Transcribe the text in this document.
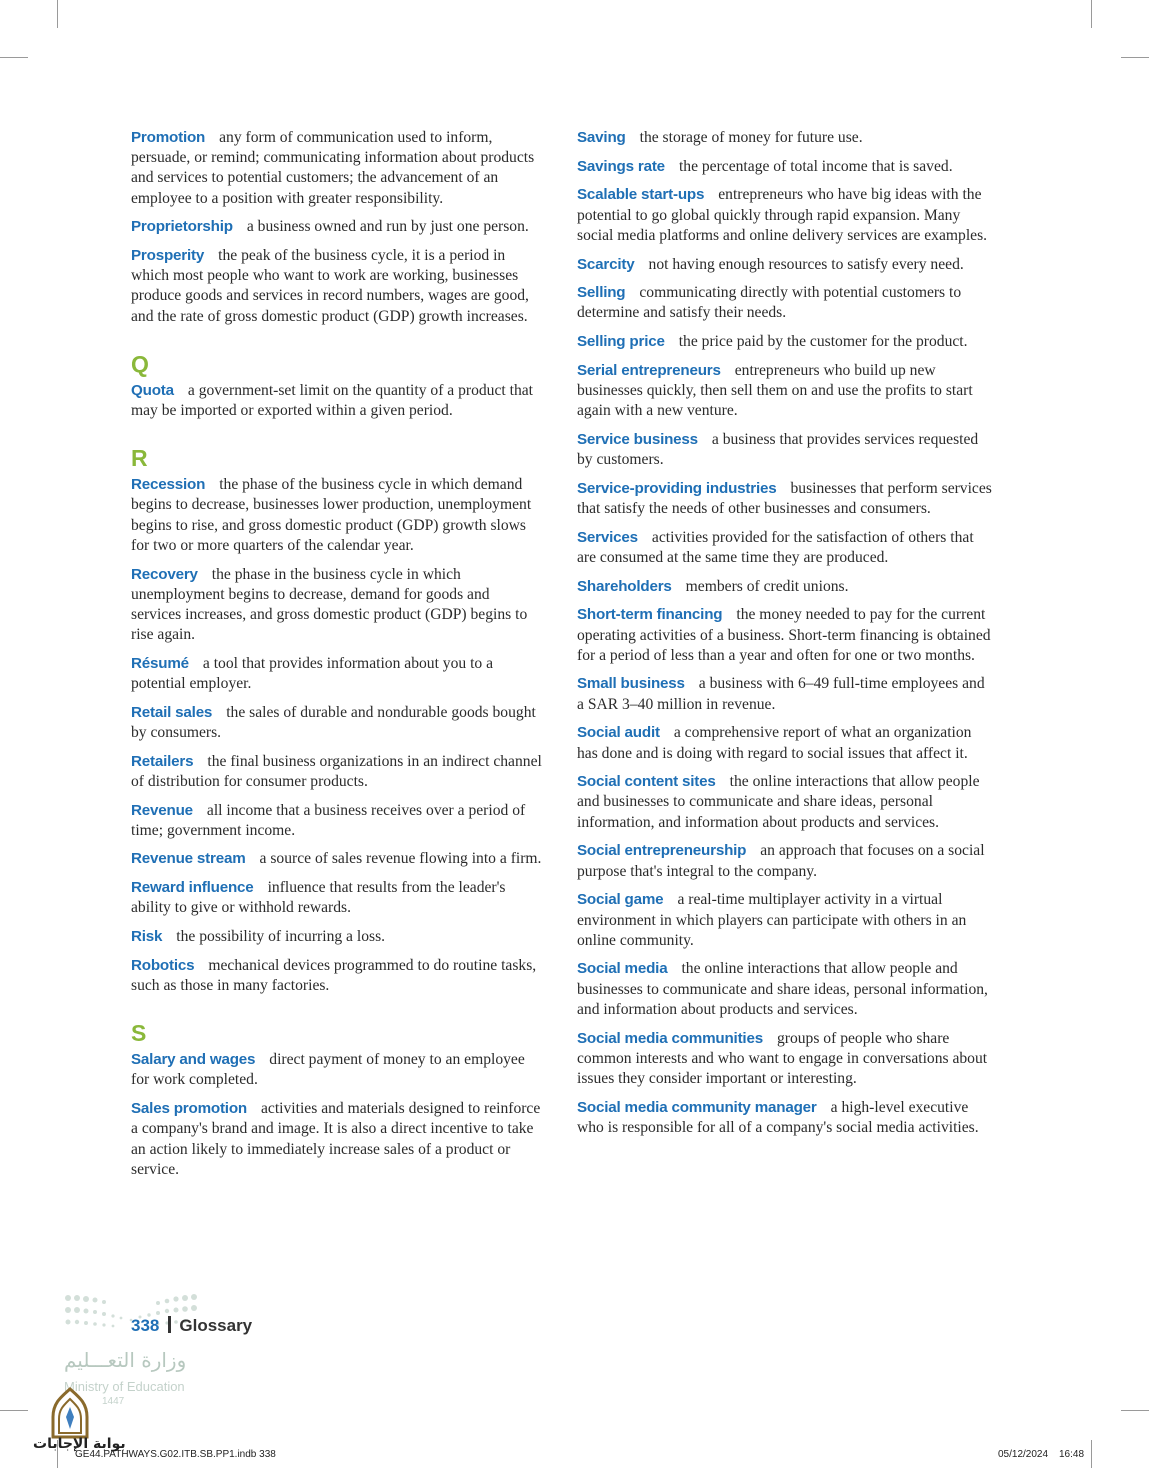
Promotion any form of communication used to inform, persuade, or remind; communicating information about products and services to potential customers; the advancement of an employee to a position with greater responsibility.
Proprietorship a business owned and run by just one person.
Prosperity the peak of the business cycle, it is a period in which most people who want to work are working, businesses produce goods and services in record numbers, wages are good, and the rate of gross domestic product (GDP) growth increases.
Q
Quota a government-set limit on the quantity of a product that may be imported or exported within a given period.
R
Recession the phase of the business cycle in which demand begins to decrease, businesses lower production, unemployment begins to rise, and gross domestic product (GDP) growth slows for two or more quarters of the calendar year.
Recovery the phase in the business cycle in which unemployment begins to decrease, demand for goods and services increases, and gross domestic product (GDP) begins to rise again.
Résumé a tool that provides information about you to a potential employer.
Retail sales the sales of durable and nondurable goods bought by consumers.
Retailers the final business organizations in an indirect channel of distribution for consumer products.
Revenue all income that a business receives over a period of time; government income.
Revenue stream a source of sales revenue flowing into a firm.
Reward influence influence that results from the leader's ability to give or withhold rewards.
Risk the possibility of incurring a loss.
Robotics mechanical devices programmed to do routine tasks, such as those in many factories.
S
Salary and wages direct payment of money to an employee for work completed.
Sales promotion activities and materials designed to reinforce a company's brand and image. It is also a direct incentive to take an action likely to immediately increase sales of a product or service.
Saving the storage of money for future use.
Savings rate the percentage of total income that is saved.
Scalable start-ups entrepreneurs who have big ideas with the potential to go global quickly through rapid expansion. Many social media platforms and online delivery services are examples.
Scarcity not having enough resources to satisfy every need.
Selling communicating directly with potential customers to determine and satisfy their needs.
Selling price the price paid by the customer for the product.
Serial entrepreneurs entrepreneurs who build up new businesses quickly, then sell them on and use the profits to start again with a new venture.
Service business a business that provides services requested by customers.
Service-providing industries businesses that perform services that satisfy the needs of other businesses and consumers.
Services activities provided for the satisfaction of others that are consumed at the same time they are produced.
Shareholders members of credit unions.
Short-term financing the money needed to pay for the current operating activities of a business. Short-term financing is obtained for a period of less than a year and often for one or two months.
Small business a business with 6–49 full-time employees and a SAR 3–40 million in revenue.
Social audit a comprehensive report of what an organization has done and is doing with regard to social issues that affect it.
Social content sites the online interactions that allow people and businesses to communicate and share ideas, personal information, and information about products and services.
Social entrepreneurship an approach that focuses on a social purpose that's integral to the company.
Social game a real-time multiplayer activity in a virtual environment in which players can participate with others in an online community.
Social media the online interactions that allow people and businesses to communicate and share ideas, personal information, and information about products and services.
Social media communities groups of people who share common interests and who want to engage in conversations about issues they consider important or interesting.
Social media community manager a high-level executive who is responsible for all of a company's social media activities.
338 Glossary
وزارة التعـــليم
Ministry of Education
1447
بوابة الإجابات
GE44.PATHWAYS.G02.ITB.SB.PP1.indb 338	05/12/2024 16:48
